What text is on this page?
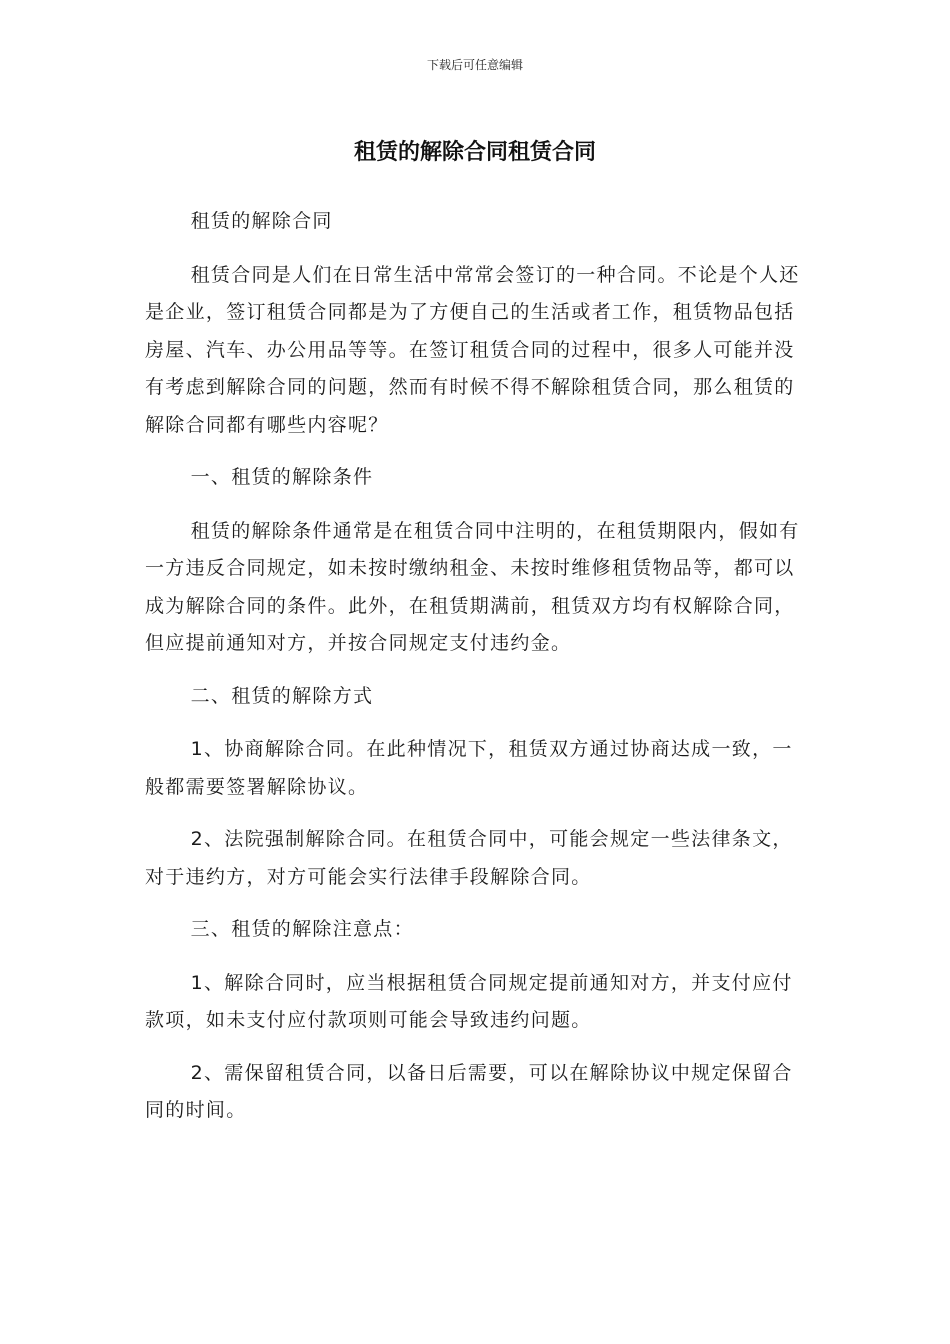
下载后可任意编辑
租赁的解除合同租赁合同

租赁的解除合同

租赁合同是人们在日常生活中常常会签订的一种合同。不论是个人还是企业，签订租赁合同都是为了方便自己的生活或者工作，租赁物品包括房屋、汽车、办公用品等等。在签订租赁合同的过程中，很多人可能并没有考虑到解除合同的问题，然而有时候不得不解除租赁合同，那么租赁的解除合同都有哪些内容呢？

一、租赁的解除条件

租赁的解除条件通常是在租赁合同中注明的，在租赁期限内，假如有一方违反合同规定，如未按时缴纳租金、未按时维修租赁物品等，都可以成为解除合同的条件。此外，在租赁期满前，租赁双方均有权解除合同，但应提前通知对方，并按合同规定支付违约金。

二、租赁的解除方式

1、协商解除合同。在此种情况下，租赁双方通过协商达成一致，一般都需要签署解除协议。

2、法院强制解除合同。在租赁合同中，可能会规定一些法律条文，对于违约方，对方可能会实行法律手段解除合同。

三、租赁的解除注意点：

1、解除合同时，应当根据租赁合同规定提前通知对方，并支付应付款项，如未支付应付款项则可能会导致违约问题。

2、需保留租赁合同，以备日后需要，可以在解除协议中规定保留合同的时间。
